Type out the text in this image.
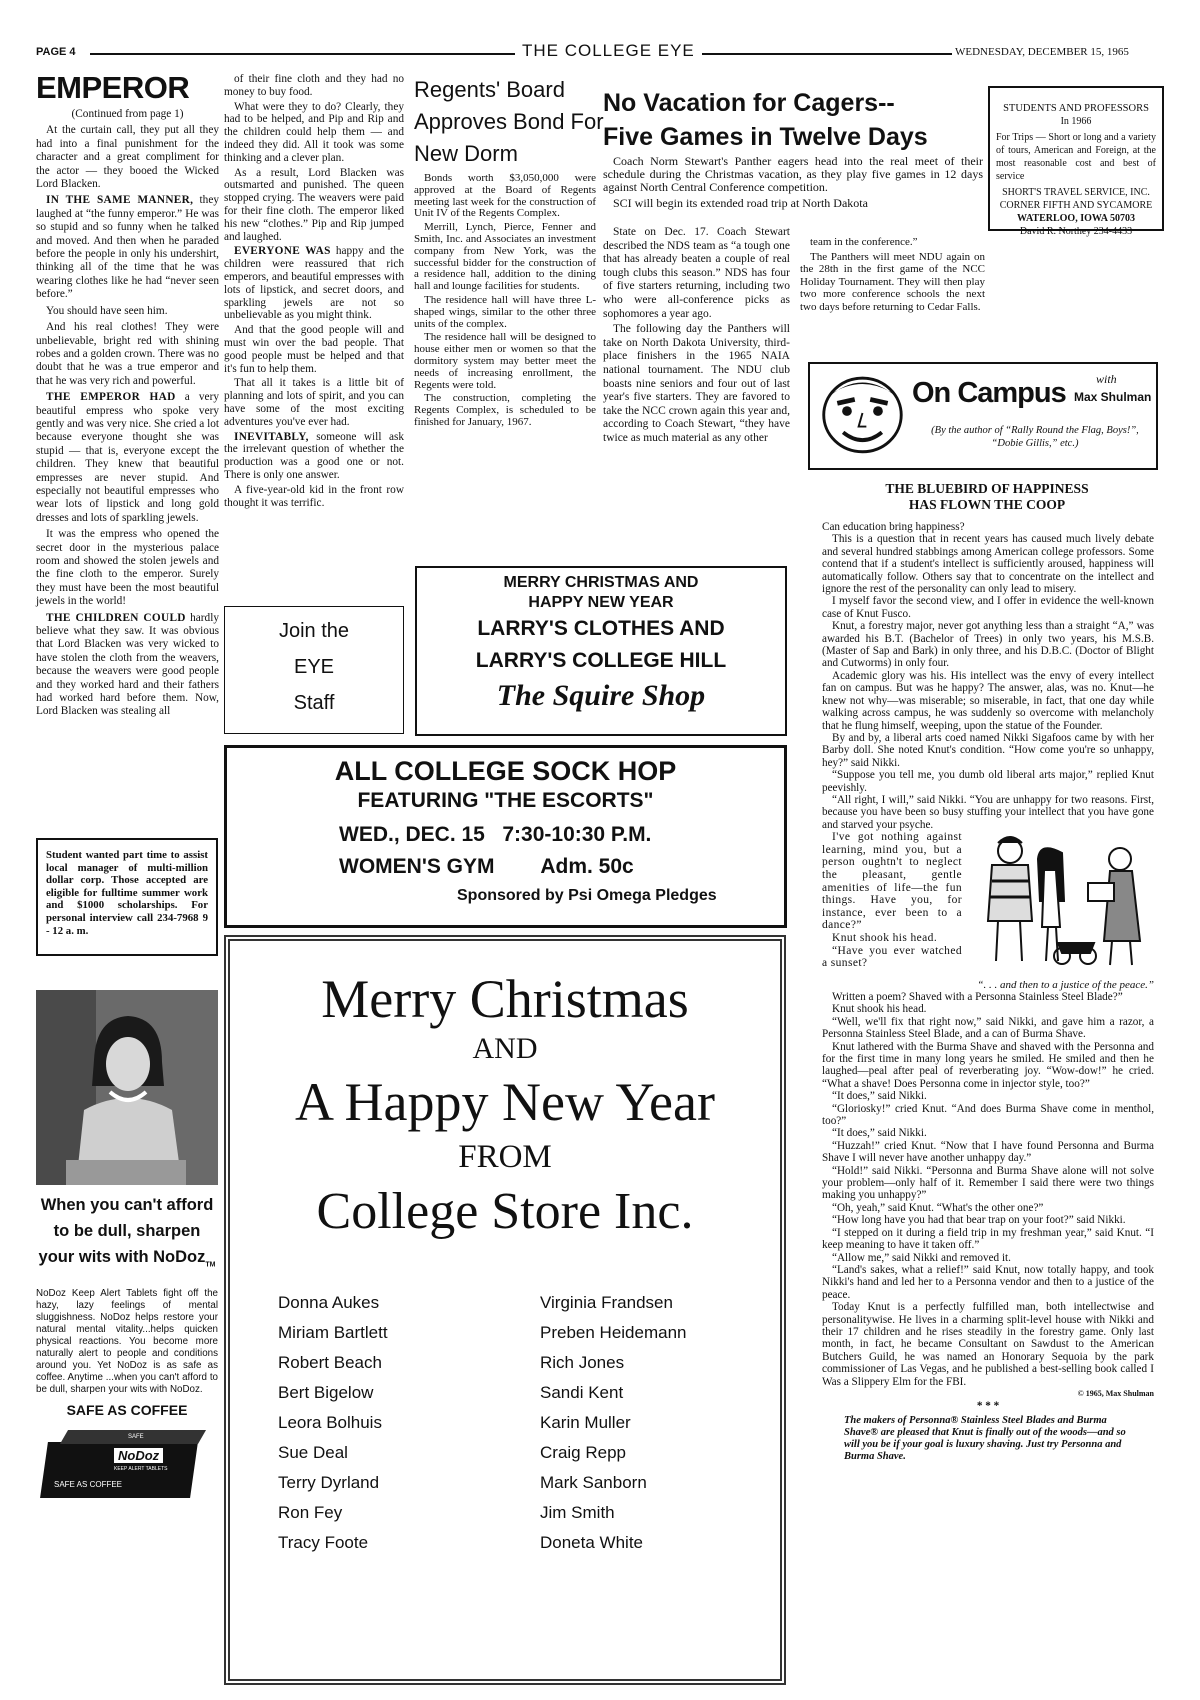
PAGE 4	THE COLLEGE EYE	WEDNESDAY, DECEMBER 15, 1965
EMPEROR

(Continued from page 1)

At the curtain call, they put all they had into a final punishment for the character and a great compliment for the actor — they booed the Wicked Lord Blacken.

IN THE SAME MANNER, they laughed at “the funny emperor.” He was so stupid and so funny when he talked and moved. And then when he paraded before the people in only his undershirt, thinking all of the time that he was wearing clothes like he had “never seen before.”

You should have seen him.

And his real clothes! They were unbelievable, bright red with shining robes and a golden crown. There was no doubt that he was a true emperor and that he was very rich and powerful.

THE EMPEROR HAD a very beautiful empress who spoke very gently and was very nice. She cried a lot because everyone thought she was stupid — that is, everyone except the children. They knew that beautiful empresses are never stupid. And especially not beautiful empresses who wear lots of lipstick and long gold dresses and lots of sparkling jewels.

It was the empress who opened the secret door in the mysterious palace room and showed the stolen jewels and the fine cloth to the emperor. Surely they must have been the most beautiful jewels in the world!

THE CHILDREN COULD hardly believe what they saw. It was obvious that Lord Blacken was very wicked to have stolen the cloth from the weavers, because the weavers were good people and they worked hard and their fathers had worked hard before them. Now, Lord Blacken was stealing all

of their fine cloth and they had no money to buy food.

What were they to do? Clearly, they had to be helped, and Pip and Rip and the children could help them — and indeed they did. All it took was some thinking and a clever plan.

As a result, Lord Blacken was outsmarted and punished. The queen stopped crying. The weavers were paid for their fine cloth. The emperor liked his new “clothes.” Pip and Rip jumped and laughed.

EVERYONE WAS happy and the children were reassured that rich emperors, and beautiful empresses with lots of lipstick, and secret doors, and sparkling jewels are not so unbelievable as you might think.

And that the good people will and must win over the bad people. That good people must be helped and that it's fun to help them.

That all it takes is a little bit of planning and lots of spirit, and you can have some of the most exciting adventures you've ever had.

INEVITABLY, someone will ask the irrelevant question of whether the production was a good one or not. There is only one answer.

A five-year-old kid in the front row thought it was terrific.

Regents' Board Approves Bond For New Dorm

Bonds worth $3,050,000 were approved at the Board of Regents meeting last week for the construction of Unit IV of the Regents Complex.

Merrill, Lynch, Pierce, Fenner and Smith, Inc. and Associates an investment company from New York, was the successful bidder for the construction of a residence hall, addition to the dining hall and lounge facilities for students.

The residence hall will have three L-shaped wings, similar to the other three units of the complex.

The residence hall will be designed to house either men or women so that the dormitory system may better meet the needs of increasing enrollment, the Regents were told.

The construction, completing the Regents Complex, is scheduled to be finished for January, 1967.

No Vacation for Cagers--
Five Games in Twelve Days

Coach Norm Stewart's Panther eagers head into the real meet of their schedule during the Christmas vacation, as they play five games in 12 days against North Central Conference competition.

SCI will begin its extended road trip at North Dakota

State on Dec. 17. Coach Stewart described the NDS team as “a tough one that has already beaten a couple of real tough clubs this season.” NDS has four of five starters returning, including two who were all-conference picks as sophomores a year ago.

The following day the Panthers will take on North Dakota University, third-place finishers in the 1965 NAIA national tournament. The NDU club boasts nine seniors and four out of last year's five starters. They are favored to take the NCC crown again this year and, according to Coach Stewart, “they have twice as much material as any other

team in the conference.”

The Panthers will meet NDU again on the 28th in the first game of the NCC Holiday Tournament. They will then play two more conference schools the next two days before returning to Cedar Falls.

STUDENTS AND PROFESSORS
In 1966
For Trips — Short or long and a variety of tours, American and Foreign, at the most reasonable cost and best of service
SHORT'S TRAVEL SERVICE, INC.
CORNER FIFTH AND SYCAMORE
WATERLOO, IOWA 50703
David R. Northey 234-4433
On Campus	with
Max Shulman
(By the author of “Rally Round the Flag, Boys!”, “Dobie Gillis,” etc.)
THE BLUEBIRD OF HAPPINESS
HAS FLOWN THE COOP

Can education bring happiness?

This is a question that in recent years has caused much lively debate and several hundred stabbings among American college professors. Some contend that if a student's intellect is sufficiently aroused, happiness will automatically follow. Others say that to concentrate on the intellect and ignore the rest of the personality can only lead to misery.

I myself favor the second view, and I offer in evidence the well-known case of Knut Fusco.

Knut, a forestry major, never got anything less than a straight “A,” was awarded his B.T. (Bachelor of Trees) in only two years, his M.S.B. (Master of Sap and Bark) in only three, and his D.B.C. (Doctor of Blight and Cutworms) in only four.

Academic glory was his. His intellect was the envy of every intellect fan on campus. But was he happy? The answer, alas, was no. Knut—he knew not why—was miserable; so miserable, in fact, that one day while walking across campus, he was suddenly so overcome with melancholy that he flung himself, weeping, upon the statue of the Founder.

By and by, a liberal arts coed named Nikki Sigafoos came by with her Barby doll. She noted Knut's condition. “How come you're so unhappy, hey?” said Nikki.

“Suppose you tell me, you dumb old liberal arts major,” replied Knut peevishly.

“All right, I will,” said Nikki. “You are unhappy for two reasons. First, because you have been so busy stuffing your intellect that you have gone and starved your psyche.

I've got nothing against learning, mind you, but a person oughtn't to neglect the pleasant, gentle amenities of life—the fun things. Have you, for instance, ever been to a dance?”

Knut shook his head.

“Have you ever watched a sunset?

“. . . and then to a justice of the peace.”

Written a poem? Shaved with a Personna Stainless Steel Blade?”

Knut shook his head.

“Well, we'll fix that right now,” said Nikki, and gave him a razor, a Personna Stainless Steel Blade, and a can of Burma Shave.

Knut lathered with the Burma Shave and shaved with the Personna and for the first time in many long years he smiled. He smiled and then he laughed—peal after peal of reverberating joy. “Wow-dow!” he cried. “What a shave! Does Personna come in injector style, too?”

“It does,” said Nikki.

“Gloriosky!” cried Knut. “And does Burma Shave come in menthol, too?”

“It does,” said Nikki.

“Huzzah!” cried Knut. “Now that I have found Personna and Burma Shave I will never have another unhappy day.”

“Hold!” said Nikki. “Personna and Burma Shave alone will not solve your problem—only half of it. Remember I said there were two things making you unhappy?”

“Oh, yeah,” said Knut. “What's the other one?”

“How long have you had that bear trap on your foot?” said Nikki.

“I stepped on it during a field trip in my freshman year,” said Knut. “I keep meaning to have it taken off.”

“Allow me,” said Nikki and removed it.

“Land's sakes, what a relief!” said Knut, now totally happy, and took Nikki's hand and led her to a Personna vendor and then to a justice of the peace.

Today Knut is a perfectly fulfilled man, both intellectwise and personalitywise. He lives in a charming split-level house with Nikki and their 17 children and he rises steadily in the forestry game. Only last month, in fact, he became Consultant on Sawdust to the American Butchers Guild, he was named an Honorary Sequoia by the park commissioner of Las Vegas, and he published a best-selling book called I Was a Slippery Elm for the FBI.

© 1965, Max Shulman
* * *
The makers of Personna® Stainless Steel Blades and Burma Shave® are pleased that Knut is finally out of the woods—and so will you be if your goal is luxury shaving. Just try Personna and Burma Shave.
Join the
EYE
Staff
MERRY CHRISTMAS AND
HAPPY NEW YEAR
LARRY'S CLOTHES AND
LARRY'S COLLEGE HILL
The Squire Shop
ALL COLLEGE SOCK HOP
FEATURING "THE ESCORTS"
WED., DEC. 15   7:30-10:30 P.M.
WOMEN'S GYM Adm. 50c
Sponsored by Psi Omega Pledges
Student wanted part time to assist local manager of multi-million dollar corp. Those accepted are eligible for fulltime summer work and $1000 scholarships. For personal interview call 234-7968 9 - 12 a. m.
When you can't afford to be dull, sharpen your wits with NoDoz$_{TM}$
NoDoz Keep Alert Tablets fight off the hazy, lazy feelings of mental sluggishness. NoDoz helps restore your natural mental vitality...helps quicken physical reactions. You become more naturally alert to people and conditions around you. Yet NoDoz is as safe as coffee. Anytime ...when you can't afford to be dull, sharpen your wits with NoDoz.
SAFE AS COFFEE
SAFE
NoDoz
KEEP ALERT TABLETS
SAFE AS COFFEE
Merry Christmas
AND
A Happy New Year
FROM
College Store Inc.
Donna Aukes
Miriam Bartlett
Robert Beach
Bert Bigelow
Leora Bolhuis
Sue Deal
Terry Dyrland
Ron Fey
Tracy Foote
Virginia Frandsen
Preben Heidemann
Rich Jones
Sandi Kent
Karin Muller
Craig Repp
Mark Sanborn
Jim Smith
Doneta White
